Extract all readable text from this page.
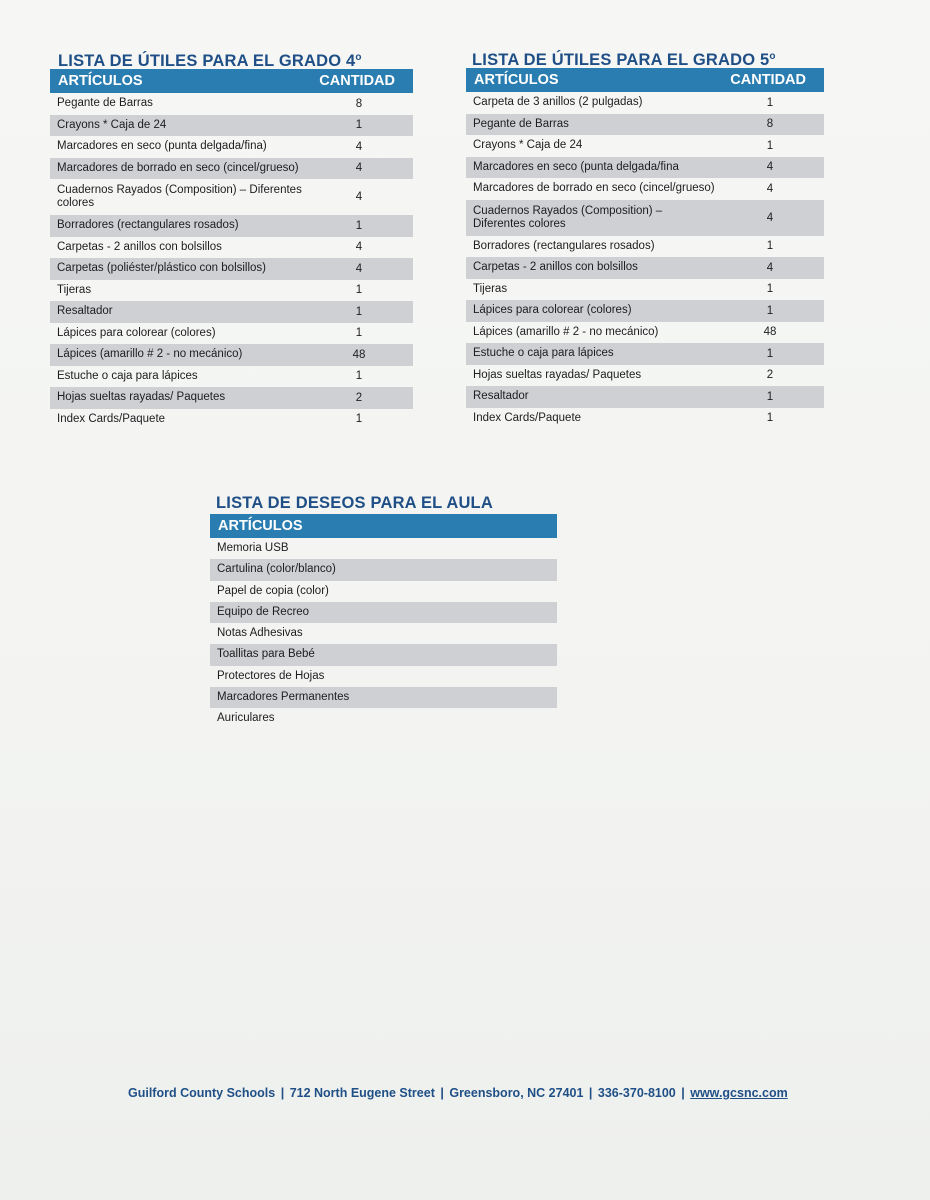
LISTA DE ÚTILES PARA EL GRADO 4$^o$
ARTÍCULOS	CANTIDAD
Pegante de Barras	8
Crayons * Caja de 24	1
Marcadores en seco (punta delgada/fina)	4
Marcadores de borrado en seco (cincel/grueso)	4
Cuadernos Rayados (Composition) – Diferentes colores	4
Borradores (rectangulares rosados)	1
Carpetas - 2 anillos con bolsillos	4
Carpetas (poliéster/plástico con bolsillos)	4
Tijeras	1
Resaltador	1
Lápices para colorear (colores)	1
Lápices (amarillo # 2 - no mecánico)	48
Estuche o caja para lápices	1
Hojas sueltas rayadas/ Paquetes	2
Index Cards/Paquete	1
LISTA DE ÚTILES PARA EL GRADO 5$^o$
ARTÍCULOS	CANTIDAD
Carpeta de 3 anillos (2 pulgadas)	1
Pegante de Barras	8
Crayons * Caja de 24	1
Marcadores en seco (punta delgada/fina	4
Marcadores de borrado en seco (cincel/grueso)	4
Cuadernos Rayados (Composition) – Diferentes colores	4
Borradores (rectangulares rosados)	1
Carpetas - 2 anillos con bolsillos	4
Tijeras	1
Lápices para colorear (colores)	1
Lápices (amarillo # 2 - no mecánico)	48
Estuche o caja para lápices	1
Hojas sueltas rayadas/ Paquetes	2
Resaltador	1
Index Cards/Paquete	1
LISTA DE DESEOS PARA EL AULA
ARTÍCULOS
Memoria USB
Cartulina (color/blanco)
Papel de copia (color)
Equipo de Recreo
Notas Adhesivas
Toallitas para Bebé
Protectores de Hojas
Marcadores Permanentes
Auriculares
Guilford County Schools | 712 North Eugene Street | Greensboro, NC 27401 | 336-370-8100 | www.gcsnc.com
